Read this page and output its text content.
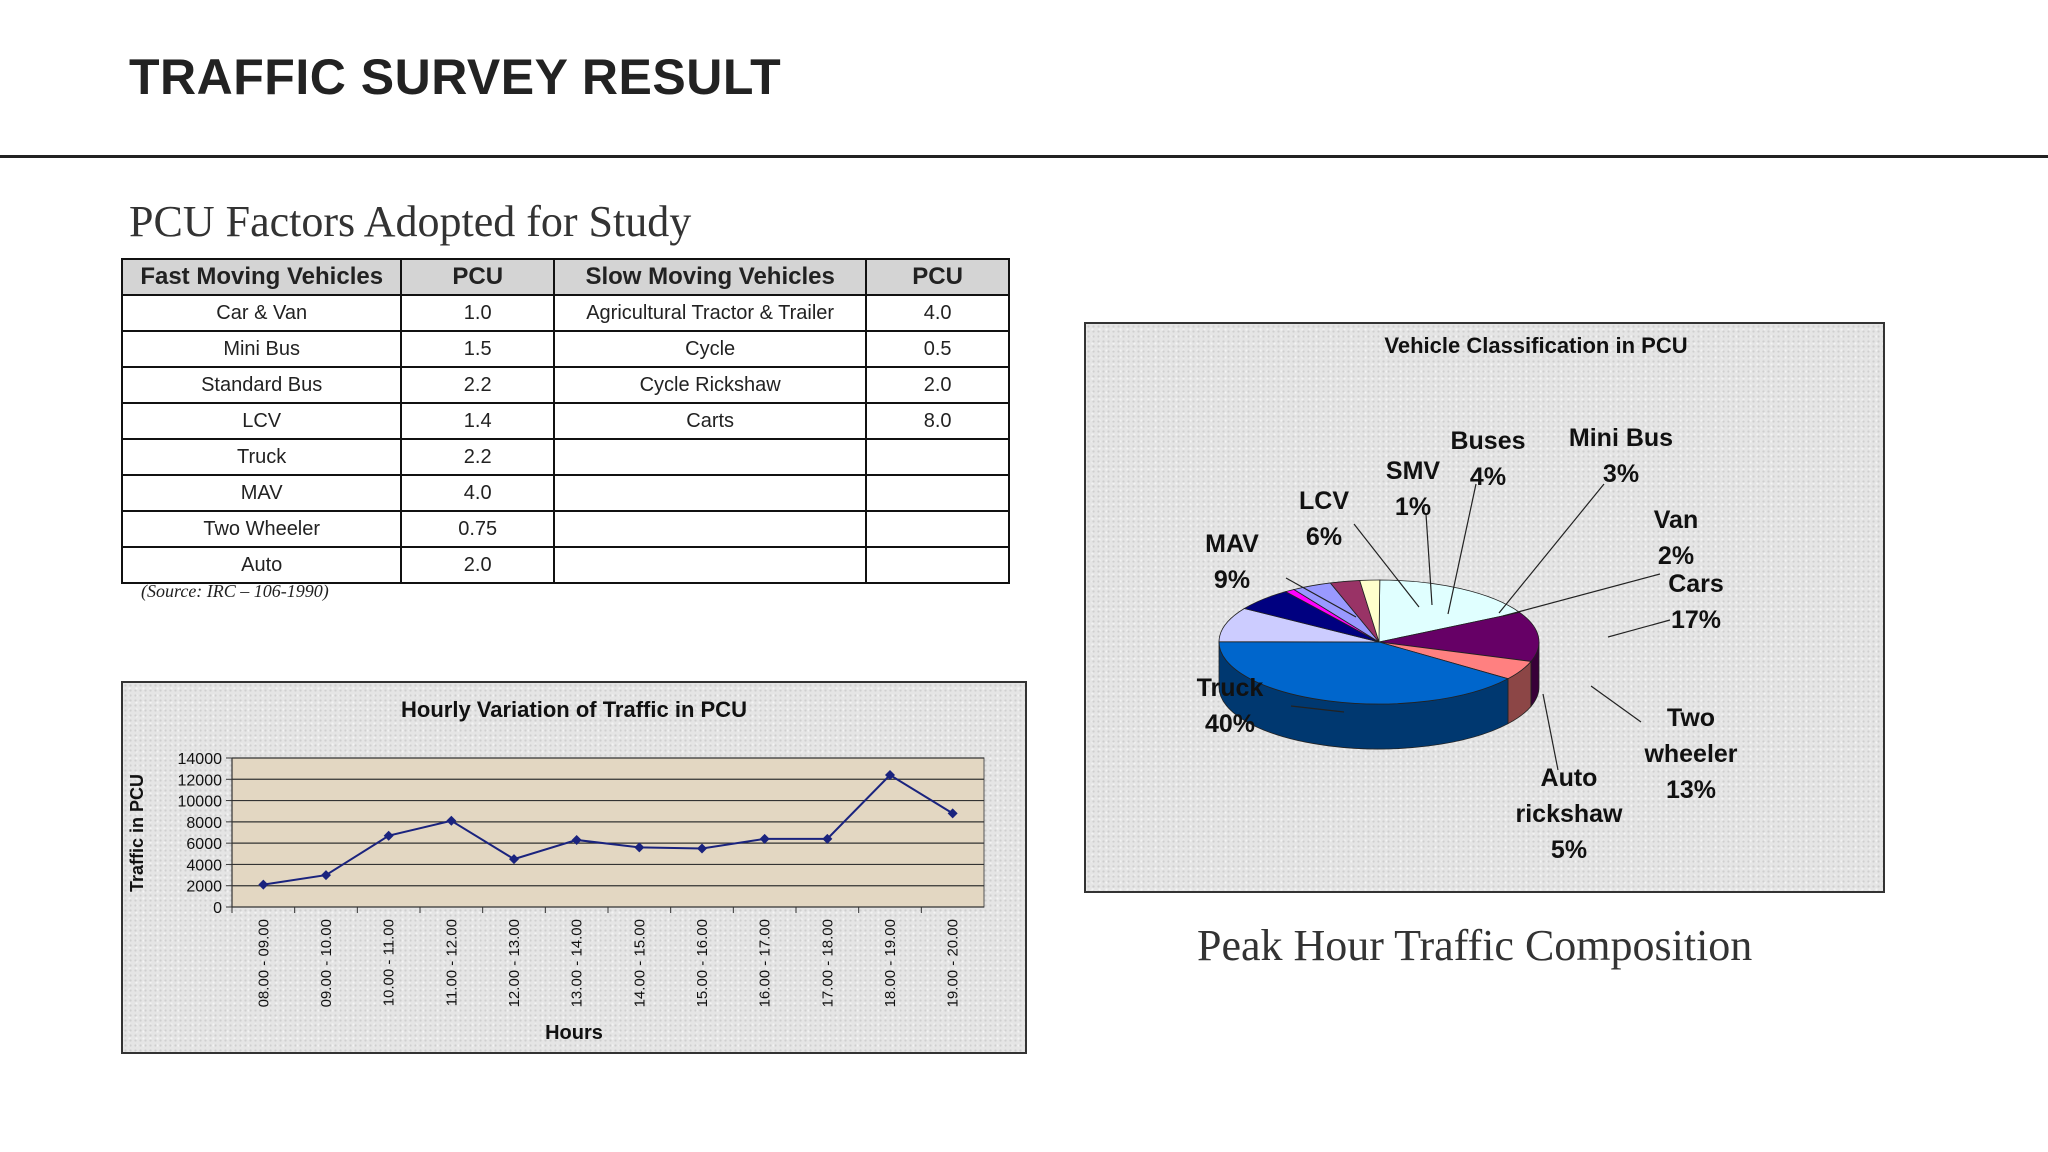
TRAFFIC SURVEY RESULT
PCU Factors Adopted for Study
Fast Moving Vehicles	PCU	Slow Moving Vehicles	PCU
Car & Van	1.0	Agricultural Tractor & Trailer	4.0
Mini Bus	1.5	Cycle	0.5
Standard Bus	2.2	Cycle Rickshaw	2.0
LCV	1.4	Carts	8.0
Truck	2.2		
MAV	4.0		
Two Wheeler	0.75		
Auto	2.0		
(Source: IRC – 106-1990)
Hourly Variation of Traffic in PCU
0
2000
4000
6000
8000
10000
12000
14000
08.00 - 09.00	09.00 - 10.00	10.00 - 11.00	11.00 - 12.00	12.00 - 13.00	13.00 - 14.00	14.00 - 15.00	15.00 - 16.00	16.00 - 17.00	17.00 - 18.00	18.00 - 19.00	19.00 - 20.00
Hours
Traffic in PCU
Vehicle Classification in PCU
Buses
4%
Mini Bus
3%
SMV
1%
LCV
6%
Van
2%
MAV
9%	Cars
17%
Truck
40%	Two
wheeler
13%
Auto
rickshaw
5%
Peak Hour Traffic Composition
